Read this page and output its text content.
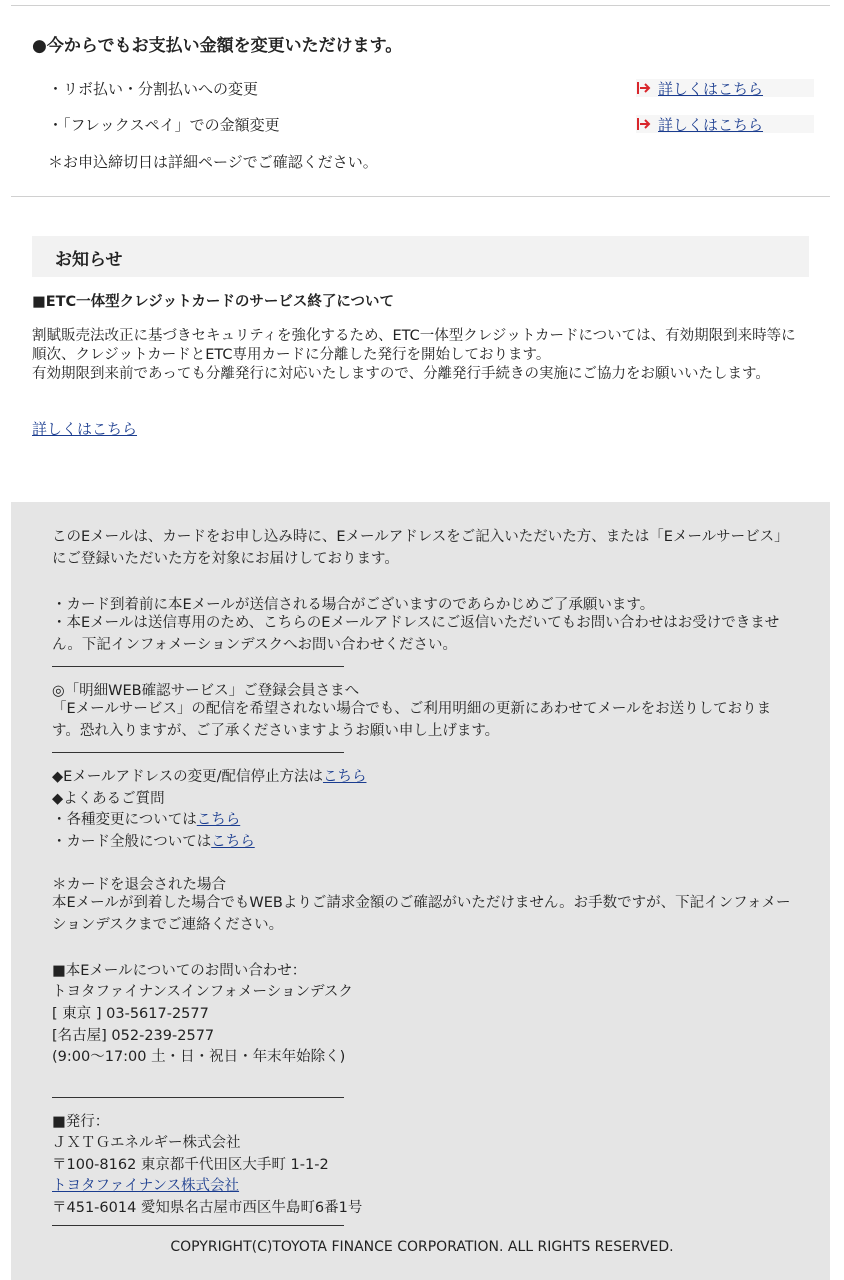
●今からでもお支払い金額を変更いただけます。
・リボ払い・分割払いへの変更	詳しくはこちら
・「フレックスペイ」での金額変更	詳しくはこちら
＊お申込締切日は詳細ページでご確認ください。
お知らせ
■ETC一体型クレジットカードのサービス終了について
割賦販売法改正に基づきセキュリティを強化するため、ETC一体型クレジットカードについては、有効期限到来時等に順次、クレジットカードとETC専用カードに分離した発行を開始しております。
有効期限到来前であっても分離発行に対応いたしますので、分離発行手続きの実施にご協力をお願いいたします。
詳しくはこちら
このEメールは、カードをお申し込み時に、Eメールアドレスをご記入いただいた方、または「Eメールサービス」にご登録いただいた方を対象にお届けしております。
・カード到着前に本Eメールが送信される場合がございますのであらかじめご了承願います。
・本Eメールは送信専用のため、こちらのEメールアドレスにご返信いただいてもお問い合わせはお受けできません。下記インフォメーションデスクへお問い合わせください。
◎「明細WEB確認サービス」ご登録会員さまへ
「Eメールサービス」の配信を希望されない場合でも、ご利用明細の更新にあわせてメールをお送りしております。恐れ入りますが、ご了承くださいますようお願い申し上げます。
◆Eメールアドレスの変更/配信停止方法はこちら
◆よくあるご質問
・各種変更についてはこちら
・カード全般についてはこちら
＊カードを退会された場合
本Eメールが到着した場合でもWEBよりご請求金額のご確認がいただけません。お手数ですが、下記インフォメーションデスクまでご連絡ください。
■本Eメールについてのお問い合わせ：
トヨタファイナンスインフォメーションデスク
[ 東京 ] 03-5617-2577
[名古屋] 052-239-2577
(9:00～17:00 土・日・祝日・年末年始除く)
■発行：
ＪＸＴＧエネルギー株式会社
〒100-8162 東京都千代田区大手町 1-1-2
トヨタファイナンス株式会社
〒451-6014 愛知県名古屋市西区牛島町6番1号
COPYRIGHT(C)TOYOTA FINANCE CORPORATION. ALL RIGHTS RESERVED.
